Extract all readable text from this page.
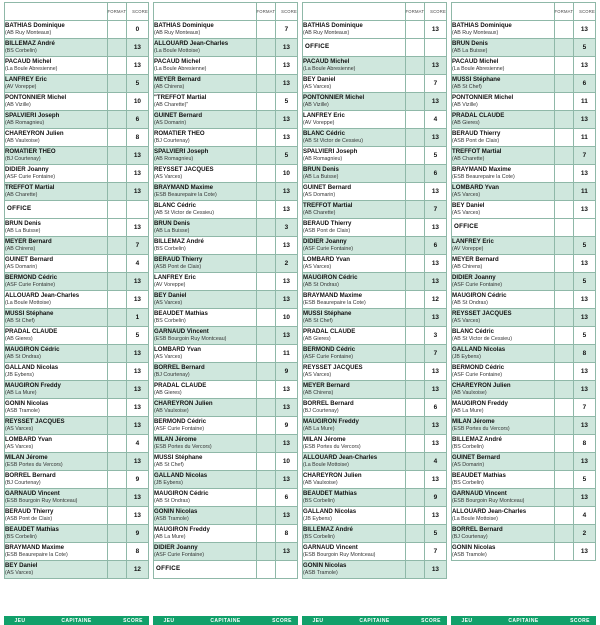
	FORMAT	SCORE

BATHIAS Dominique
(AB Ruy Monteaux)		0

BILLEMAZ André
(BS Corbelin)		13

PACAUD Michel
(La Boule Abresienne)		13

LANFREY Eric
(AV Voreppe)		5

PONTONNIER Michel
(AB Vizille)		10

SPALVIERI Joseph
(AB Romagnieu)		6

CHAREYRON Julien
(AB Vaulxoise)		8

ROMATIER THEO
(BJ Courtenay)		13

DIDIER Joanny
(ASF Curie Fontaine)		13

TREFFOT Martial
(AB Charette)		13
OFFICE		

BRUN Denis
(AB La Buisse)		13

MEYER Bernard
(AB Chirens)		7

GUINET Bernard
(AS Domarin)		4

BERMOND Cédric
(ASF Curie Fontaine)		13

ALLOUARD Jean-Charles
(La Boule Mottoise)		13

MUSSI Stéphane
(AB St Chef)		1

PRADAL CLAUDE
(AB Gieres)		5

MAUGIRON Cédric
(AB St Ondras)		13

GALLAND Nicolas
(JB Eybens)		13

MAUGIRON Freddy
(AB La Mure)		13

GONIN Nicolas
(ASB Tramole)		13

REYSSET JACQUES
(AS Varces)		13

LOMBARD Yvan
(AS Varces)		4

MILAN Jérome
(ESB Portes du Vercors)		13

BORREL Bernard
(BJ Courtenay)		9

GARNAUD Vincent
(ESB Bourgoin Ruy Montceau)		13

BERAUD Thierry
(ASB Pont de Claix)		13

BEAUDET Mathias
(BS Corbelin)		9

BRAYMAND Maxime
(ESB Beaurepaire la Cote)		8

BEY Daniel
(AS Varces)		12
JEU	CAPITAINE	SCORE
	FORMAT	SCORE

BATHIAS Dominique
(AB Ruy Monteaux)		7

ALLOUARD Jean-Charles
(La Boule Mottoise)		13

PACAUD Michel
(La Boule Abresienne)		13

MEYER Bernard
(AB Chirens)		13

"TREFFOT Martial
(AB Charette)"		5

GUINET Bernard
(AS Domarin)		13

ROMATIER THEO
(BJ Courtenay)		13

SPALVIERI Joseph
(AB Romagnieu)		5

REYSSET JACQUES
(AS Varces)		10

BRAYMAND Maxime
(ESB Beaurepaire la Cote)		13

BLANC Cédric
(AB St Victor de Cessieu)		13

BRUN Denis
(AB La Buisse)		3

BILLEMAZ André
(BS Corbelin)		13

BERAUD Thierry
(ASB Pont de Claix)		2

LANFREY Eric
(AV Voreppe)		13

BEY Daniel
(AS Varces)		13

BEAUDET Mathias
(BS Corbelin)		10

GARNAUD Vincent
(ESB Bourgoin Ruy Montceau)		13

LOMBARD Yvan
(AS Varces)		11

BORREL Bernard
(BJ Courtenay)		9

PRADAL CLAUDE
(AB Gieres)		13

CHAREYRON Julien
(AB Vaulxoise)		13

BERMOND Cédric
(ASF Curie Fontaine)		9

MILAN Jérome
(ESB Portes du Vercors)		13

MUSSI Stéphane
(AB St Chef)		10

GALLAND Nicolas
(JB Eybens)		13

MAUGIRON Cédric
(AB St Ondras)		6

GONIN Nicolas
(ASB Tramole)		13

MAUGIRON Freddy
(AB La Mure)		8

DIDIER Joanny
(ASF Curie Fontaine)		13
OFFICE		
JEU	CAPITAINE	SCORE
	FORMAT	SCORE

BATHIAS Dominique
(AB Ruy Monteaux)		13
OFFICE		

PACAUD Michel
(La Boule Abresienne)		13

BEY Daniel
(AS Varces)		7

PONTONNIER Michel
(AB Vizille)		13

LANFREY Eric
(AV Voreppe)		4

BLANC Cédric
(AB St Victor de Cessieu)		13

SPALVIERI Joseph
(AB Romagnieu)		5

BRUN Denis
(AB La Buisse)		6

GUINET Bernard
(AS Domarin)		13

TREFFOT Martial
(AB Charette)		7

BERAUD Thierry
(ASB Pont de Claix)		13

DIDIER Joanny
(ASF Curie Fontaine)		6

LOMBARD Yvan
(AS Varces)		13

MAUGIRON Cédric
(AB St Ondras)		13

BRAYMAND Maxime
(ESB Beaurepaire la Cote)		12

MUSSI Stéphane
(AB St Chef)		13

PRADAL CLAUDE
(AB Gieres)		3

BERMOND Cédric
(ASF Curie Fontaine)		7

REYSSET JACQUES
(AS Varces)		13

MEYER Bernard
(AB Chirens)		13

BORREL Bernard
(BJ Courtenay)		6

MAUGIRON Freddy
(AB La Mure)		13

MILAN Jérome
(ESB Portes du Vercors)		13

ALLOUARD Jean-Charles
(La Boule Mottoise)		4

CHAREYRON Julien
(AB Vaulxoise)		13

BEAUDET Mathias
(BS Corbelin)		9

GALLAND Nicolas
(JB Eybens)		13

BILLEMAZ André
(BS Corbelin)		5

GARNAUD Vincent
(ESB Bourgoin Ruy Montceau)		7

GONIN Nicolas
(ASB Tramole)		13
JEU	CAPITAINE	SCORE
	FORMAT	SCORE

BATHIAS Dominique
(AB Ruy Monteaux)		13

BRUN Denis
(AB La Buisse)		5

PACAUD Michel
(La Boule Abresienne)		13

MUSSI Stéphane
(AB St Chef)		6

PONTONNIER Michel
(AB Vizille)		11

PRADAL CLAUDE
(AB Gieres)		13

BERAUD Thierry
(ASB Pont de Claix)		11

TREFFOT Martial
(AB Charette)		7

BRAYMAND Maxime
(ESB Beaurepaire la Cote)		13

LOMBARD Yvan
(AS Varces)		11

BEY Daniel
(AS Varces)		13
OFFICE		

LANFREY Eric
(AV Voreppe)		5

MEYER Bernard
(AB Chirens)		13

DIDIER Joanny
(ASF Curie Fontaine)		5

MAUGIRON Cédric
(AB St Ondras)		13

REYSSET JACQUES
(AS Varces)		13

BLANC Cédric
(AB St Victor de Cessieu)		5

GALLAND Nicolas
(JB Eybens)		8

BERMOND Cédric
(ASF Curie Fontaine)		13

CHAREYRON Julien
(AB Vaulxoise)		13

MAUGIRON Freddy
(AB La Mure)		7

MILAN Jérome
(ESB Portes du Vercors)		13

BILLEMAZ André
(BS Corbelin)		8

GUINET Bernard
(AS Domarin)		13

BEAUDET Mathias
(BS Corbelin)		5

GARNAUD Vincent
(ESB Bourgoin Ruy Montceau)		13

ALLOUARD Jean-Charles
(La Boule Mottoise)		4

BORREL Bernard
(BJ Courtenay)		2

GONIN Nicolas
(ASB Tramole)		13
JEU	CAPITAINE	SCORE
